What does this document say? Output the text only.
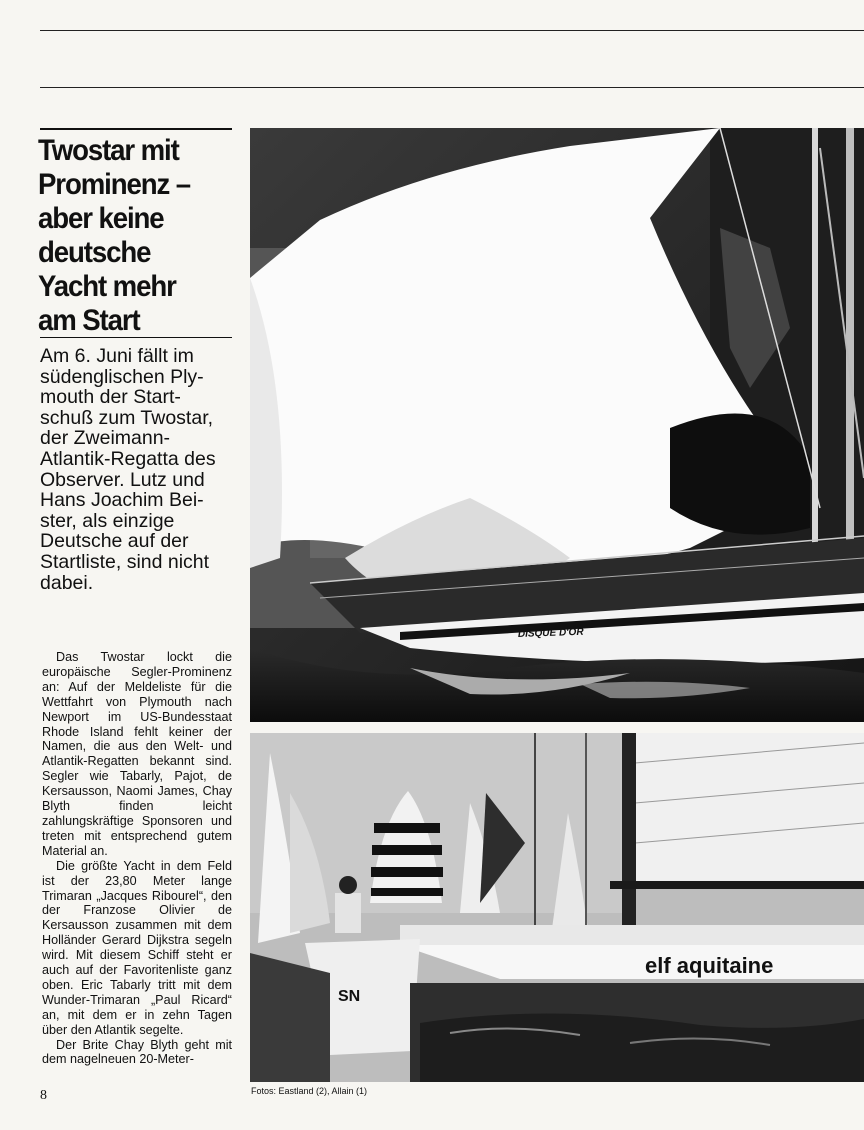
Twostar mit
Prominenz –
aber keine
deutsche
Yacht mehr
am Start

Am 6. Juni fällt im
südenglischen Ply-
mouth der Start-
schuß zum Twostar,
der Zweimann-
Atlantik-Regatta des
Observer. Lutz und
Hans Joachim Bei-
ster, als einzige
Deutsche auf der
Startliste, sind nicht
dabei.

Das Twostar lockt die europäische Segler-Prominenz an: Auf der Meldeliste für die Wettfahrt von Plymouth nach Newport im US-Bundesstaat Rhode Island fehlt keiner der Namen, die aus den Welt- und Atlantik-Regatten bekannt sind. Segler wie Tabarly, Pajot, de Kersausson, Naomi James, Chay Blyth finden leicht zahlungskräftige Sponsoren und treten mit entsprechend gutem Material an.

Die größte Yacht in dem Feld ist der 23,80 Meter lange Trimaran „Jacques Ribourel“, den der Franzose Olivier de Kersausson zusammen mit dem Holländer Gerard Dijkstra segeln wird. Mit diesem Schiff steht er auch auf der Favoritenliste ganz oben. Eric Tabarly tritt mit dem Wunder-Trimaran „Paul Ricard“ an, mit dem er in zehn Tagen über den Atlantik segelte.

Der Brite Chay Blyth geht mit dem nagelneuen 20-Meter-

8
DISQUE D'OR
elf aquitaine
SN
Fotos: Eastland (2), Allain (1)
